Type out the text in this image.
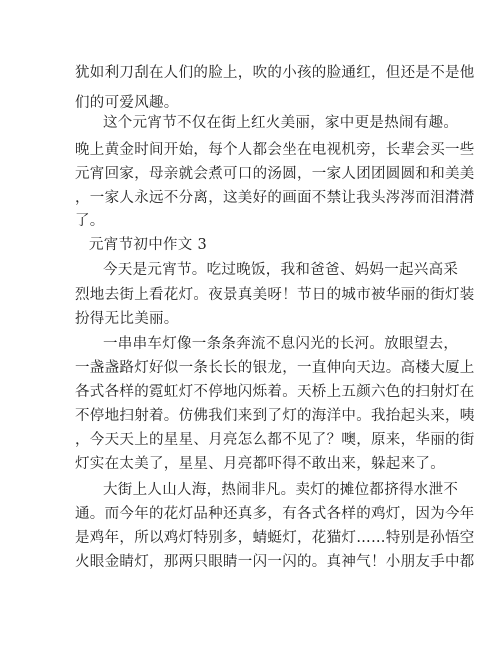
犹如利刀刮在人们的脸上，吹的小孩的脸通红，但还是不是他
们的可爱风趣。
这个元宵节不仅在街上红火美丽，家中更是热闹有趣。
晚上黄金时间开始，每个人都会坐在电视机旁，长辈会买一些
元宵回家，母亲就会煮可口的汤圆，一家人团团圆圆和和美美
，一家人永远不分离，这美好的画面不禁让我头涔涔而泪潸潸
了。
元宵节初中作文 3
今天是元宵节。吃过晚饭，我和爸爸、妈妈一起兴高采
烈地去街上看花灯。夜景真美呀！节日的城市被华丽的街灯装
扮得无比美丽。
一串串车灯像一条条奔流不息闪光的长河。放眼望去，
一盏盏路灯好似一条长长的银龙，一直伸向天边。高楼大厦上
各式各样的霓虹灯不停地闪烁着。天桥上五颜六色的扫射灯在
不停地扫射着。仿佛我们来到了灯的海洋中。我抬起头来，咦
，今天天上的星星、月亮怎么都不见了？噢，原来，华丽的街
灯实在太美了，星星、月亮都吓得不敢出来，躲起来了。
大街上人山人海，热闹非凡。卖灯的摊位都挤得水泄不
通。而今年的花灯品种还真多，有各式各样的鸡灯，因为今年
是鸡年，所以鸡灯特别多，蜻蜓灯，花猫灯……特别是孙悟空
火眼金睛灯，那两只眼睛一闪一闪的。真神气！小朋友手中都
